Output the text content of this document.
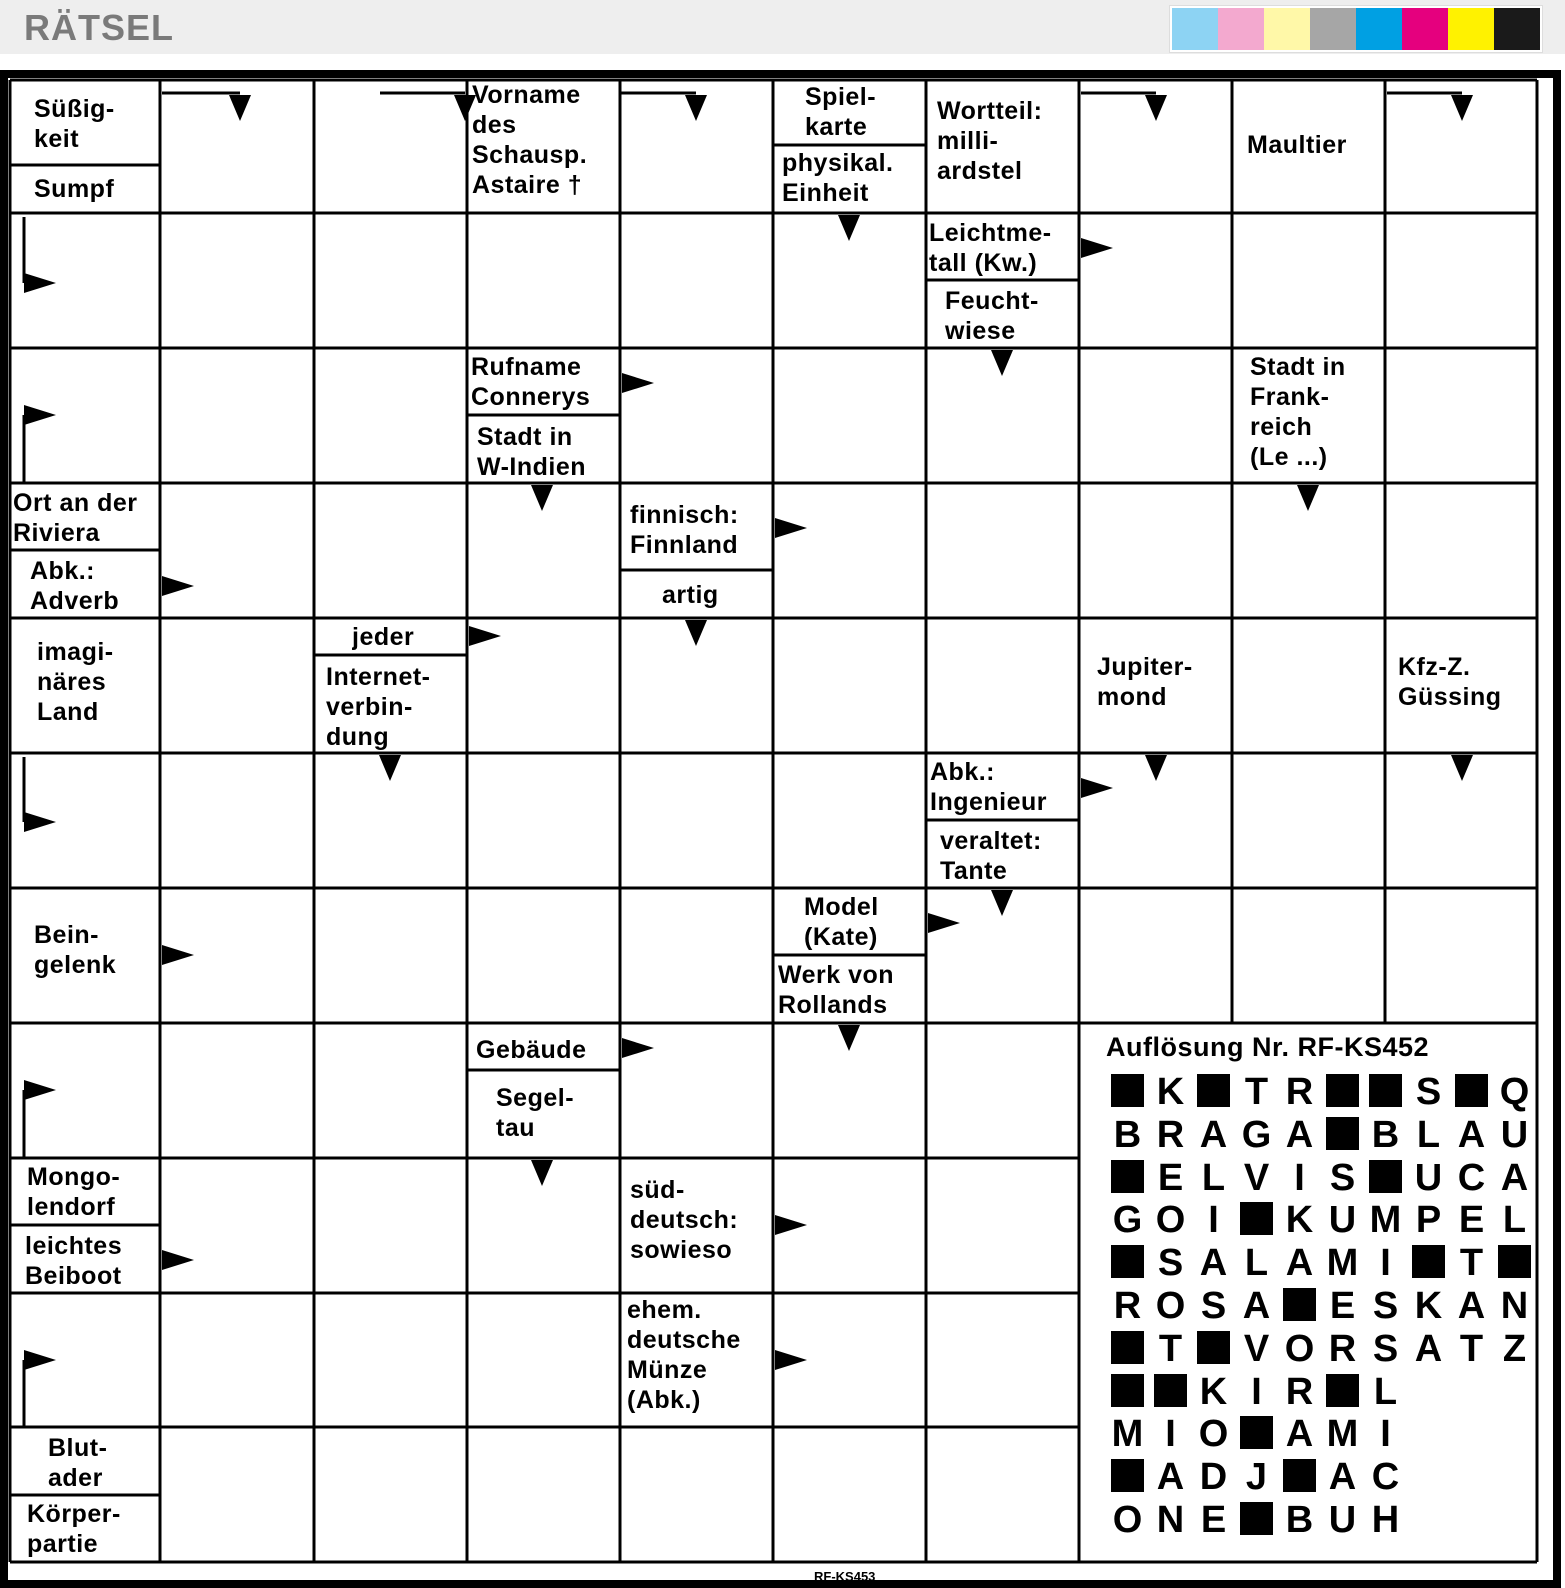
RÄTSEL
Süßig-
keit
Sumpf
Vorname
des
Schausp.
Astaire †
Spiel-
karte
physikal.
Einheit
Wortteil:
milli-
ardstel
Maultier
Leichtme-
tall (Kw.)
Feucht-
wiese
Rufname
Connerys
Stadt in
W-Indien
Stadt in
Frank-
reich
(Le ...)
Ort an der
Riviera
Abk.:
Adverb
finnisch:
Finnland
artig
imagi-
näres
Land
jeder
Internet-
verbin-
dung
Jupiter-
mond
Kfz-Z.
Güssing
Abk.:
Ingenieur
veraltet:
Tante
Bein-
gelenk
Model
(Kate)
Werk von
Rollands
Gebäude
Segel-
tau
Mongo-
lendorf
leichtes
Beiboot
süd-
deutsch:
sowieso
ehem.
deutsche
Münze
(Abk.)
Blut-
ader
Körper-
partie
Auflösung Nr. RF-KS452
K T R	S Q
B R A G A B L A U
E L V I S U C A
G O I K U M P E L
S A L A M I T
R O S A E S K A N
T V O R S A T Z
K I R L
M I O A M I
A D J A C
O N E B U H
RF-KS453
